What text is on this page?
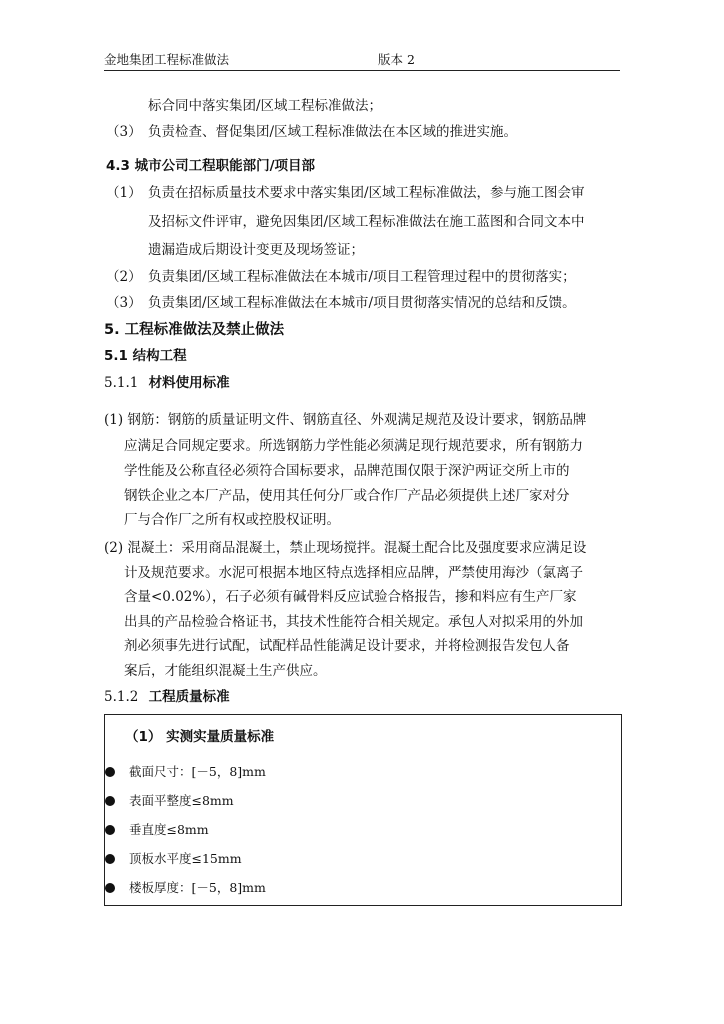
金地集团工程标准做法	版本 2
标合同中落实集团/区域工程标准做法；
（3） 负责检查、督促集团/区域工程标准做法在本区域的推进实施。
4.3 城市公司工程职能部门/项目部
（1） 负责在招标质量技术要求中落实集团/区域工程标准做法，参与施工图会审
及招标文件评审，避免因集团/区域工程标准做法在施工蓝图和合同文本中
遗漏造成后期设计变更及现场签证；
（2） 负责集团/区域工程标准做法在本城市/项目工程管理过程中的贯彻落实；
（3） 负责集团/区域工程标准做法在本城市/项目贯彻落实情况的总结和反馈。
5. 工程标准做法及禁止做法
5.1 结构工程
5.1.1 材料使用标准
(1) 钢筋：钢筋的质量证明文件、钢筋直径、外观满足规范及设计要求，钢筋品牌
应满足合同规定要求。所选钢筋力学性能必须满足现行规范要求，所有钢筋力
学性能及公称直径必须符合国标要求，品牌范围仅限于深沪两证交所上市的
钢铁企业之本厂产品，使用其任何分厂或合作厂产品必须提供上述厂家对分
厂与合作厂之所有权或控股权证明。
(2) 混凝土：采用商品混凝土，禁止现场搅拌。混凝土配合比及强度要求应满足设
计及规范要求。水泥可根据本地区特点选择相应品牌，严禁使用海沙（氯离子
含量<0.02%），石子必须有碱骨料反应试验合格报告，掺和料应有生产厂家
出具的产品检验合格证书，其技术性能符合相关规定。承包人对拟采用的外加
剂必须事先进行试配，试配样品性能满足设计要求，并将检测报告发包人备
案后，才能组织混凝土生产供应。
5.1.2 工程质量标准
（1） 实测实量质量标准
截面尺寸：[－5，8]mm
表面平整度≤8mm
垂直度≤8mm
顶板水平度≤15mm
楼板厚度：[－5，8]mm
